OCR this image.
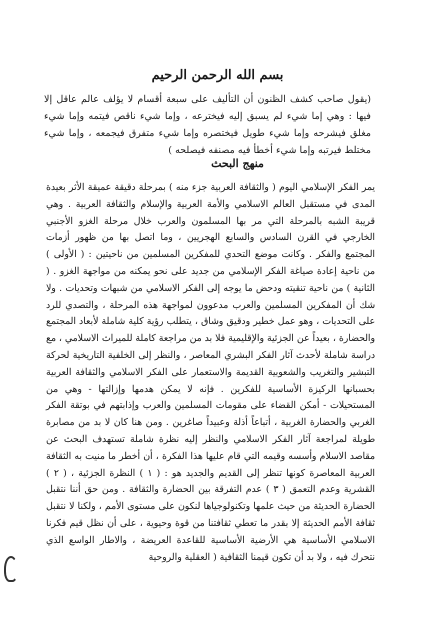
بسم الله الرحمن الرحيم
(يقول صاحب كشف الظنون أن التأليف على سبعة أقسام لا يؤلف عالم عاقل إلا فيها : وهي إما شيء لم يسبق إليه فيخترعه ، وإما شيء ناقص فيتمه وإما شيء مغلق فيشرحه وإما شيء طويل فيختصره وإما شيء متفرق فيجمعه ، وإما شيء مختلط فيرتبه وإما شيء أخطأ فيه مصنفه فيصلحه )
منهج البحث
يمر الفكر الإسلامي اليوم ( والثقافة العربية جزء منه ) بمرحلة دقيقة عميقة الأثر بعيدة المدى في مستقبل العالم الاسلامي والأمة العربية والإسلام والثقافة العربية . وهي قريبة الشبه بالمرحلة التي مر بها المسلمون والعرب خلال مرحلة الغزو الأجنبي الخارجي في القرن السادس والسابع الهجريين ، وما اتصل بها من ظهور أزمات المجتمع والفكر . وكانت موضع التحدي للمفكرين المسلمين من ناحيتين : ( الأولى ) من ناحية إعادة صياغة الفكر الإسلامي من جديد على نحو يمكنه من مواجهة الغزو . ( الثانية ) من ناحية تنقيته ودحض ما يوجه إلى الفكر الاسلامي من شبهات وتحديات . ولا شك أن المفكرين المسلمين والعرب مدعوون لمواجهة هذه المرحلة ، والتصدي للرد على التحديات ، وهو عمل خطير ودقيق وشاق ، يتطلب رؤية كلية شاملة لأبعاد المجتمع والحضارة ، بعيداً عن الجزئية والإقليمية فلا بد من مراجعة كاملة للميراث الاسلامي ، مع دراسة شاملة لأحدث آثار الفكر البشري المعاصر ، والنظر إلى الخلفية التاريخية لحركة التبشير والتغريب والشعوبية القديمة والاستعمار على الفكر الاسلامي والثقافة العربية بحسبانها الركيزة الأساسية للفكرين . فإنه لا يمكن هدمها وإزالتها - وهي من المستحيلات - أمكن القضاء على مقومات المسلمين والعرب وإذابتهم في بوتقة الفكر الغربي والحضارة الغربية ، أتباعاً أذلة وعبيداً صاغرين . ومن هنا كان لا بد من مصابرة طويلة لمراجعة آثار الفكر الاسلامي والنظر إليه نظرة شاملة تستهدف البحث عن مقاصد الاسلام وأسسه وقيمه التي قام عليها هذا الفكرة ، أن أخطر ما منيت به الثقافة العربية المعاصرة كونها تنظر إلى القديم والجديد هو : ( ١ ) النظرة الجزئية ، ( ٢ ) القشرية وعدم التعمق ( ٣ ) عدم التفرقة بين الحضارة والثقافة . ومن حق أننا نتقبل الحضارة الحديثة من حيث علمها وتكنولوجياها لنكون على مستوى الأمم ، ولكنا لا نتقبل ثقافة الأمم الحديثة إلا بقدر ما تعطي ثقافتنا من قوة وحيوية ، على أن نظل قيم فكرنا الاسلامي الأساسية هي الأرضية الأساسية للقاعدة العريضة ، والاطار الواسع الذي نتحرك فيه ، ولا بد أن تكون قيمنا الثقافية ( العقلية والروحية
